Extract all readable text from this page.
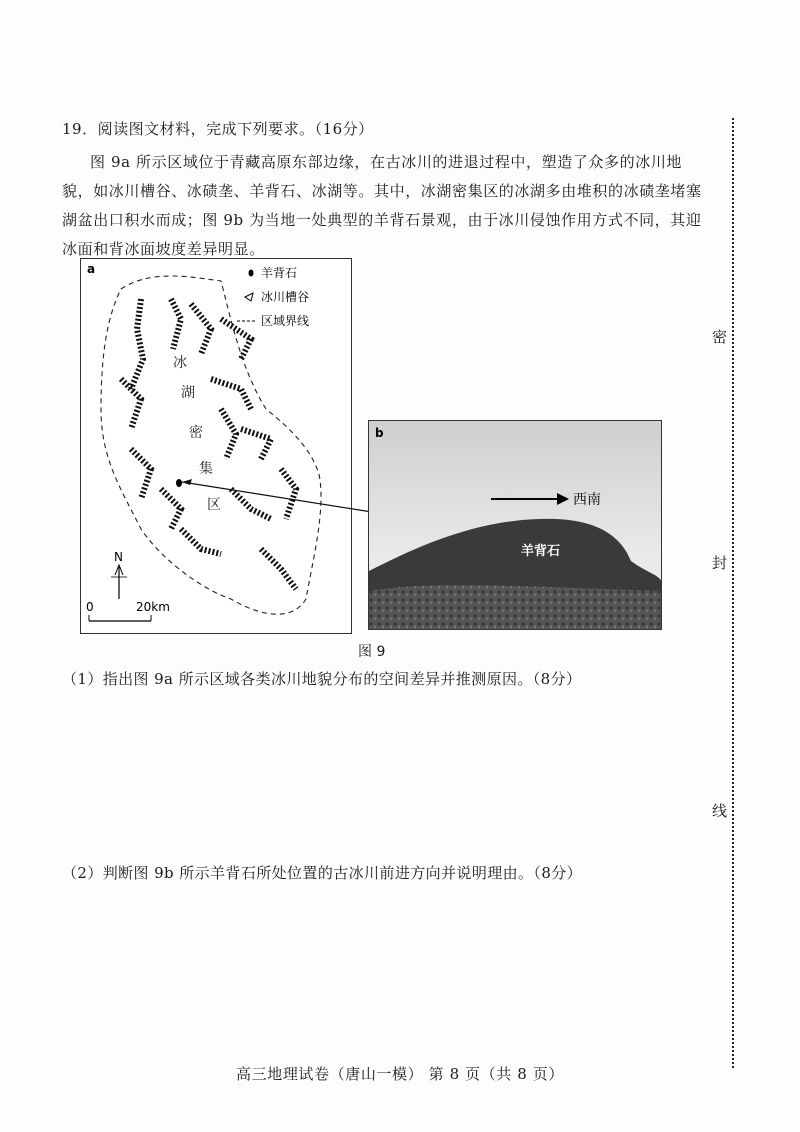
19．阅读图文材料，完成下列要求。（16分）
图 9a 所示区域位于青藏高原东部边缘，在古冰川的进退过程中，塑造了众多的冰川地貌，如冰川槽谷、冰碛垄、羊背石、冰湖等。其中，冰湖密集区的冰湖多由堆积的冰碛垄堵塞湖盆出口积水而成；图 9b 为当地一处典型的羊背石景观，由于冰川侵蚀作用方式不同，其迎冰面和背冰面坡度差异明显。
a
冰
湖
密
集
区
羊背石
冰川槽谷
区域界线
N
0	20km
b
西南
羊背石
图 9
（1）指出图 9a 所示区域各类冰川地貌分布的空间差异并推测原因。（8分）
（2）判断图 9b 所示羊背石所处位置的古冰川前进方向并说明理由。（8分）
高三地理试卷（唐山一模） 第 8 页（共 8 页）
密
封
线
